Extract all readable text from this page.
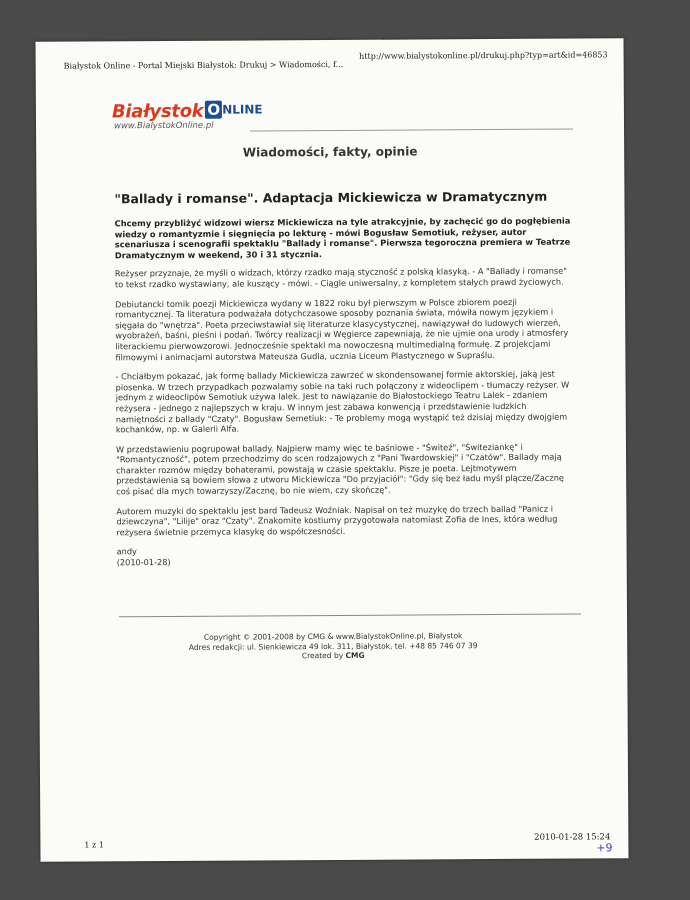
Białystok Online - Portal Miejski Białystok: Drukuj > Wiadomości, f...
http://www.bialystokonline.pl/drukuj.php?typ=art&id=46853
Białystok O NLINE
www.BialystokOnline.pl
Wiadomości, fakty, opinie
"Ballady i romanse". Adaptacja Mickiewicza w Dramatycznym

Chcemy przybliżyć widzowi wiersz Mickiewicza na tyle atrakcyjnie, by zachęcić go do pogłębienia wiedzy o romantyzmie i sięgnięcia po lekturę - mówi Bogusław Semotiuk, reżyser, autor scenariusza i scenografii spektaklu "Ballady i romanse". Pierwsza tegoroczna premiera w Teatrze Dramatycznym w weekend, 30 i 31 stycznia.

Reżyser przyznaje, że myśli o widzach, którzy rzadko mają styczność z polską klasyką. - A "Ballady i romanse" to tekst rzadko wystawiany, ale kuszący - mówi. - Ciągle uniwersalny, z kompletem stałych prawd życiowych.

Debiutancki tomik poezji Mickiewicza wydany w 1822 roku był pierwszym w Polsce zbiorem poezji romantycznej. Ta literatura podważała dotychczasowe sposoby poznania świata, mówiła nowym językiem i sięgała do "wnętrza". Poeta przeciwstawiał się literaturze klasycystycznej, nawiązywał do ludowych wierzeń, wyobrażeń, baśni, pieśni i podań. Twórcy realizacji w Węgierce zapewniają, że nie ujmie ona urody i atmosfery literackiemu pierwowzorowi. Jednocześnie spektakl ma nowoczesną multimedialną formułę. Z projekcjami filmowymi i animacjami autorstwa Mateusza Gudla, ucznia Liceum Plastycznego w Supraślu.

- Chciałbym pokazać, jak formę ballady Mickiewicza zawrzeć w skondensowanej formie aktorskiej, jaką jest piosenka. W trzech przypadkach pozwalamy sobie na taki ruch połączony z wideoclipem - tłumaczy reżyser. W jednym z wideoclipów Semotiuk używa lalek. Jest to nawiązanie do Białostockiego Teatru Lalek - zdaniem reżysera - jednego z najlepszych w kraju. W innym jest zabawa konwencją i przedstawienie ludzkich namiętności z ballady "Czaty". Bogusław Semetiuk: - Te problemy mogą wystąpić też dzisiaj między dwojgiem kochanków, np. w Galerii Alfa.

W przedstawieniu pogrupował ballady. Najpierw mamy więc te baśniowe - "Świteź", "Świteziankę" i "Romantyczność", potem przechodzimy do scen rodzajowych z "Pani Twardowskiej" i "Czatów". Ballady mają charakter rozmów między bohaterami, powstają w czasie spektaklu. Pisze je poeta. Lejtmotywem przedstawienia są bowiem słowa z utworu Mickiewicza "Do przyjaciół": "Gdy się bez ładu myśl plącze/Zacznę coś pisać dla mych towarzyszy/Zacznę, bo nie wiem, czy skończę".

Autorem muzyki do spektaklu jest bard Tadeusz Woźniak. Napisał on też muzykę do trzech ballad "Panicz i dziewczyna", "Lilije" oraz "Czaty". Znakomite kostiumy przygotowała natomiast Zofia de Ines, która według reżysera świetnie przemyca klasykę do współczesności.

andy
(2010-01-28)
Copyright © 2001-2008 by CMG & www.BialystokOnline.pl, Białystok
Adres redakcji: ul. Sienkiewicza 49 lok. 311, Białystok, tel. +48 85 746 07 39
Created by CMG
1 z 1
2010-01-28 15:24
+9
